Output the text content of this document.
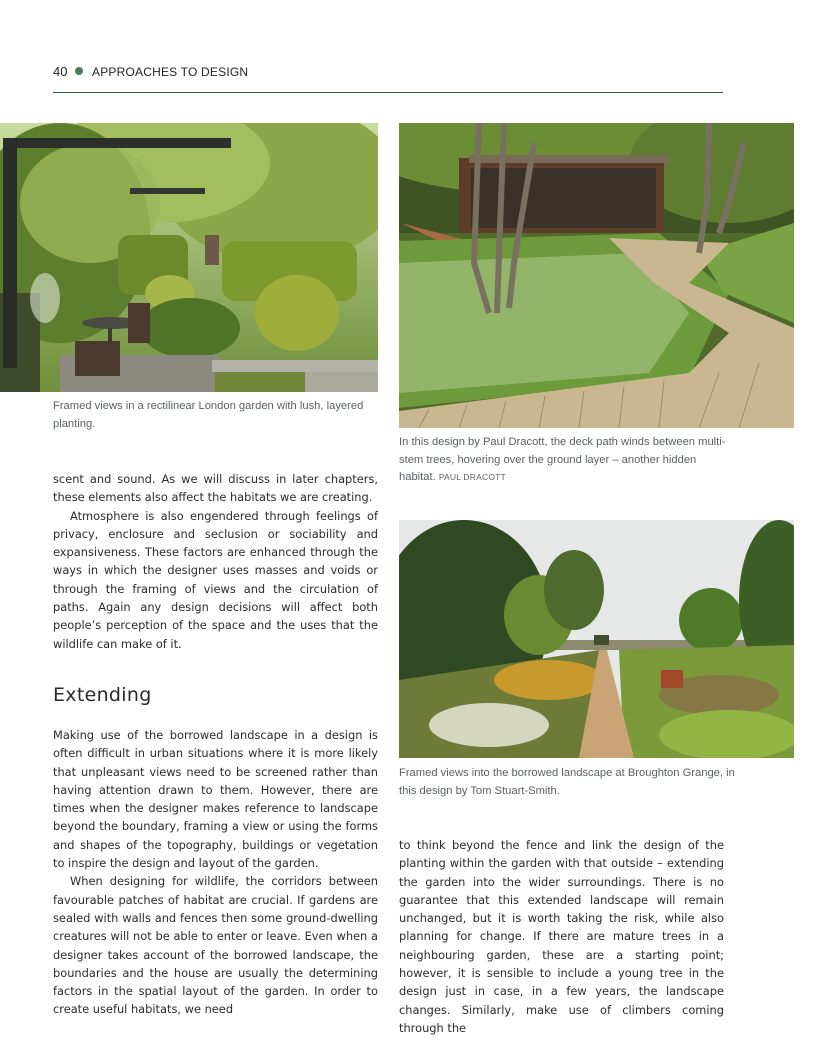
40 APPROACHES TO DESIGN
Framed views in a rectilinear London garden with lush, layered planting.
In this design by Paul Dracott, the deck path winds between multi-stem trees, hovering over the ground layer – another hidden habitat. PAUL DRACOTT
Framed views into the borrowed landscape at Broughton Grange, in this design by Tom Stuart-Smith.

scent and sound. As we will discuss in later chapters, these elements also affect the habitats we are creating.

Atmosphere is also engendered through feelings of privacy, enclosure and seclusion or sociability and expansiveness. These factors are enhanced through the ways in which the designer uses masses and voids or through the framing of views and the circulation of paths. Again any design decisions will affect both people’s perception of the space and the uses that the wildlife can make of it.

Extending

Making use of the borrowed landscape in a design is often difficult in urban situations where it is more likely that unpleasant views need to be screened rather than having attention drawn to them. However, there are times when the designer makes reference to landscape beyond the boundary, framing a view or using the forms and shapes of the topography, buildings or vegetation to inspire the design and layout of the garden.

When designing for wildlife, the corridors between favourable patches of habitat are crucial. If gardens are sealed with walls and fences then some ground-dwelling creatures will not be able to enter or leave. Even when a designer takes account of the borrowed landscape, the boundaries and the house are usually the determining factors in the spatial layout of the garden. In order to create useful habitats, we need

to think beyond the fence and link the design of the planting within the garden with that outside – extending the garden into the wider surroundings. There is no guarantee that this extended landscape will remain unchanged, but it is worth taking the risk, while also planning for change. If there are mature trees in a neighbouring garden, these are a starting point; however, it is sensible to include a young tree in the design just in case, in a few years, the landscape changes. Similarly, make use of climbers coming through the
